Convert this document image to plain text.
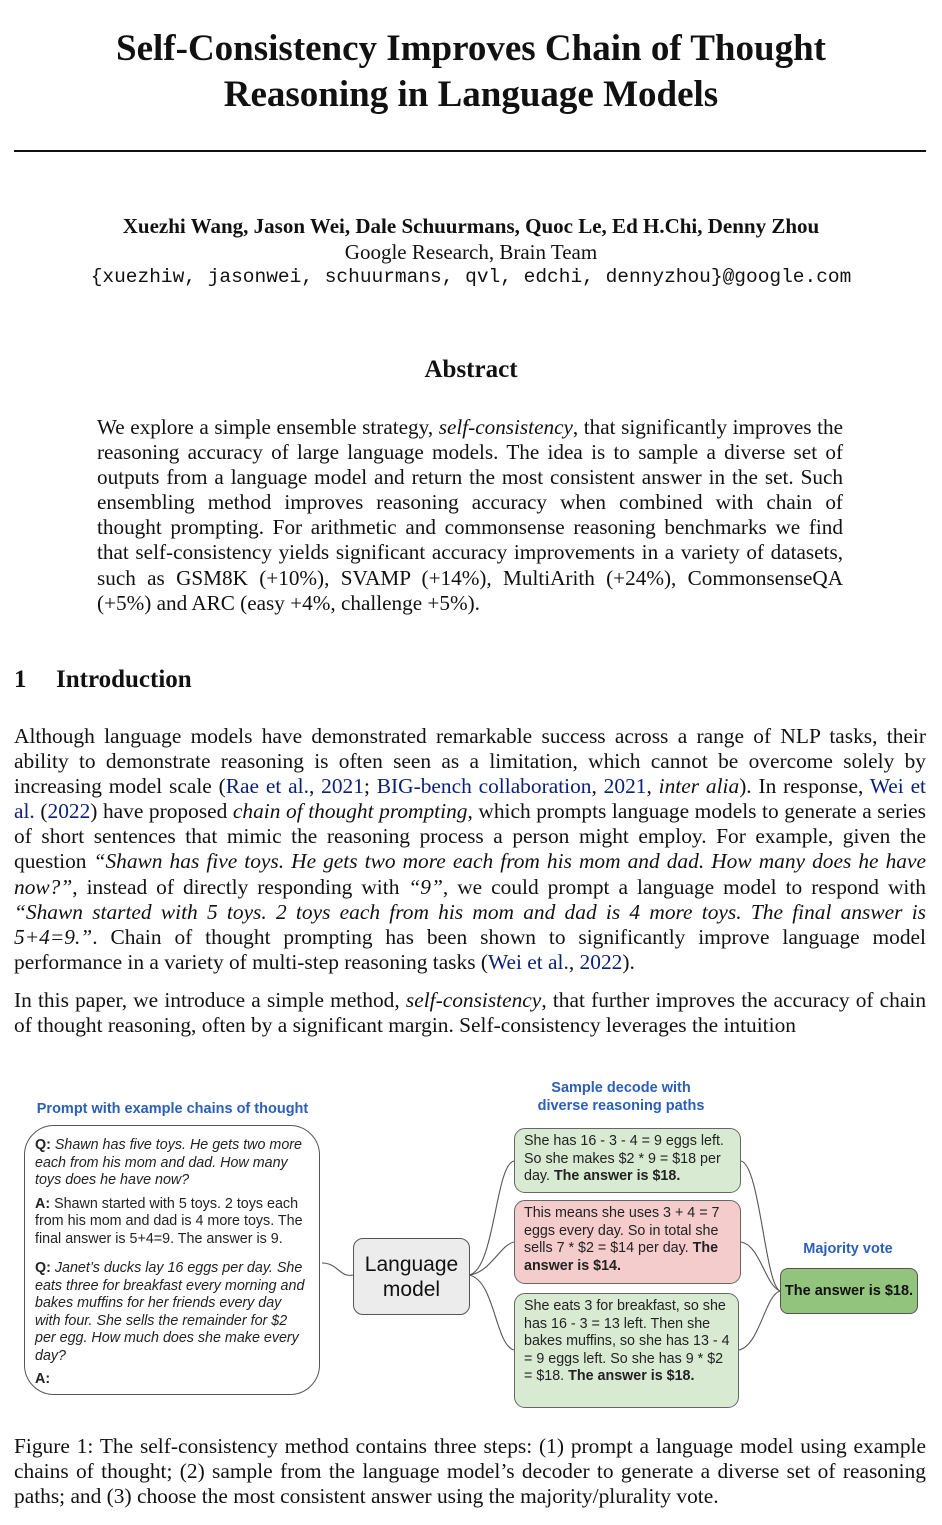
Self-Consistency Improves Chain of Thought
Reasoning in Language Models
Xuezhi Wang, Jason Wei, Dale Schuurmans, Quoc Le, Ed H.Chi, Denny Zhou
Google Research, Brain Team
{xuezhiw, jasonwei, schuurmans, qvl, edchi, dennyzhou}@google.com
Abstract
We explore a simple ensemble strategy, self-consistency, that significantly improves the reasoning accuracy of large language models. The idea is to sample a diverse set of outputs from a language model and return the most consistent answer in the set. Such ensembling method improves reasoning accuracy when combined with chain of thought prompting. For arithmetic and commonsense reasoning benchmarks we find that self-consistency yields significant accuracy improvements in a variety of datasets, such as GSM8K (+10%), SVAMP (+14%), MultiArith (+24%), CommonsenseQA (+5%) and ARC (easy +4%, challenge +5%).
1 Introduction
Although language models have demonstrated remarkable success across a range of NLP tasks, their ability to demonstrate reasoning is often seen as a limitation, which cannot be overcome solely by increasing model scale (Rae et al., 2021; BIG-bench collaboration, 2021, inter alia). In response, Wei et al. (2022) have proposed chain of thought prompting, which prompts language models to generate a series of short sentences that mimic the reasoning process a person might employ. For example, given the question “Shawn has five toys. He gets two more each from his mom and dad. How many does he have now?”, instead of directly responding with “9”, we could prompt a language model to respond with “Shawn started with 5 toys. 2 toys each from his mom and dad is 4 more toys. The final answer is 5+4=9.”. Chain of thought prompting has been shown to significantly improve language model performance in a variety of multi-step reasoning tasks (Wei et al., 2022).
In this paper, we introduce a simple method, self-consistency, that further improves the accuracy of chain of thought reasoning, often by a significant margin. Self-consistency leverages the intuition
Prompt with example chains of thought

Q: Shawn has five toys. He gets two more each from his mom and dad. How many toys does he have now?

A: Shawn started with 5 toys. 2 toys each from his mom and dad is 4 more toys. The final answer is 5+4=9. The answer is 9.

Q: Janet’s ducks lay 16 eggs per day. She eats three for breakfast every morning and bakes muffins for her friends every day with four. She sells the remainder for $2 per egg. How much does she make every day?

A:

Language model
Sample decode with
diverse reasoning paths
She has 16 - 3 - 4 = 9 eggs left. So she makes $2 * 9 = $18 per day. The answer is $18.
This means she uses 3 + 4 = 7 eggs every day. So in total she sells 7 * $2 = $14 per day. The answer is $14.
She eats 3 for breakfast, so she has 16 - 3 = 13 left. Then she bakes muffins, so she has 13 - 4 = 9 eggs left. So she has 9 * $2 = $18. The answer is $18.
Majority vote
The answer is $18.
Figure 1: The self-consistency method contains three steps: (1) prompt a language model using example chains of thought; (2) sample from the language model’s decoder to generate a diverse set of reasoning paths; and (3) choose the most consistent answer using the majority/plurality vote.
